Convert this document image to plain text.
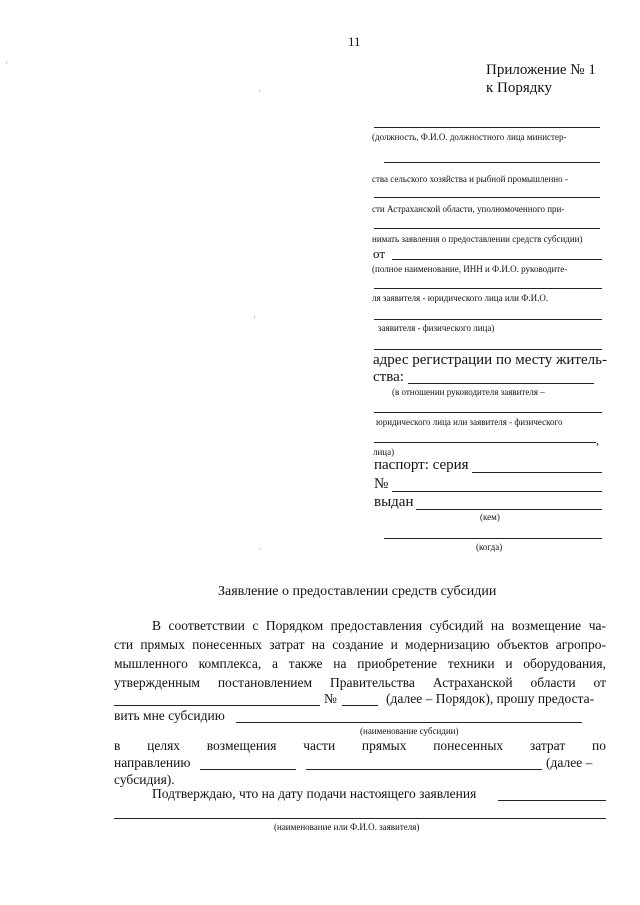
11
Приложение № 1
к Порядку
(должность, Ф.И.О. должностного лица министер-
ства сельского хозяйства и рыбной промышленно -
сти Астраханской области, уполномоченного при-
нимать заявления о предоставлении средств субсидии)
от
(полное наименование, ИНН и Ф.И.О. руководите-
ля заявителя - юридического лица или Ф.И.О.
заявителя - физического лица)
адрес регистрации по месту житель-
ства:
(в отношении руководителя заявителя –
юридического лица или заявителя - физического
,
лица)
паспорт: серия
№
выдан
(кем)
(когда)
Заявление о предоставлении средств субсидии
В соответствии с Порядком предоставления субсидий на возмещение ча-
сти прямых понесенных затрат на создание и модернизацию объектов агропро-
мышленного комплекса, а также на приобретение техники и оборудования,
утвержденным постановлением Правительства Астраханской области от
№	(далее – Порядок), прошу предоста-
вить мне субсидию
(наименование субсидии)
в целях возмещения части прямых понесенных затрат по
направлению	(далее –
субсидия).
Подтверждаю, что на дату подачи настоящего заявления
(наименование или Ф.И.О. заявителя)
·
·
·
'
